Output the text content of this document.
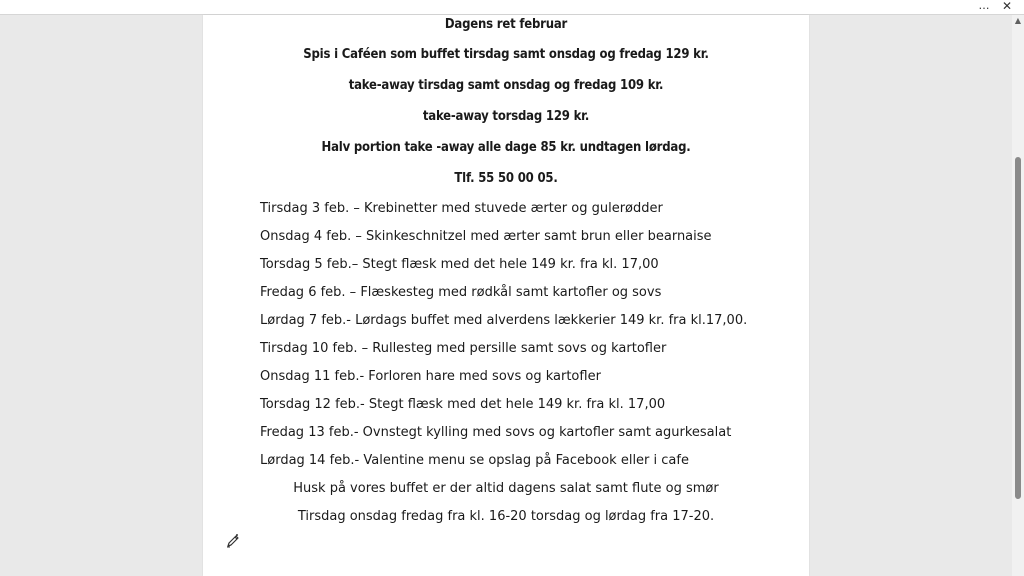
…	✕
Dagens ret februar
Spis i Caféen som buffet tirsdag samt onsdag og fredag 129 kr.
take-away tirsdag samt onsdag og fredag 109 kr.
take-away torsdag 129 kr.
Halv portion take -away alle dage 85 kr. undtagen lørdag.
Tlf. 55 50 00 05.
Tirsdag 3 feb. – Krebinetter med stuvede ærter og gulerødder
Onsdag 4 feb. – Skinkeschnitzel med ærter samt brun eller bearnaise
Torsdag 5 feb.– Stegt flæsk med det hele 149 kr. fra kl. 17,00
Fredag 6 feb. – Flæskesteg med rødkål samt kartofler og sovs
Lørdag 7 feb.- Lørdags buffet med alverdens lækkerier 149 kr. fra kl.17,00.
Tirsdag 10 feb. – Rullesteg med persille samt sovs og kartofler
Onsdag 11 feb.- Forloren hare med sovs og kartofler
Torsdag 12 feb.- Stegt flæsk med det hele 149 kr. fra kl. 17,00
Fredag 13 feb.- Ovnstegt kylling med sovs og kartofler samt agurkesalat
Lørdag 14 feb.- Valentine menu se opslag på Facebook eller i cafe
Husk på vores buffet er der altid dagens salat samt flute og smør
Tirsdag onsdag fredag fra kl. 16-20 torsdag og lørdag fra 17-20.
▲
